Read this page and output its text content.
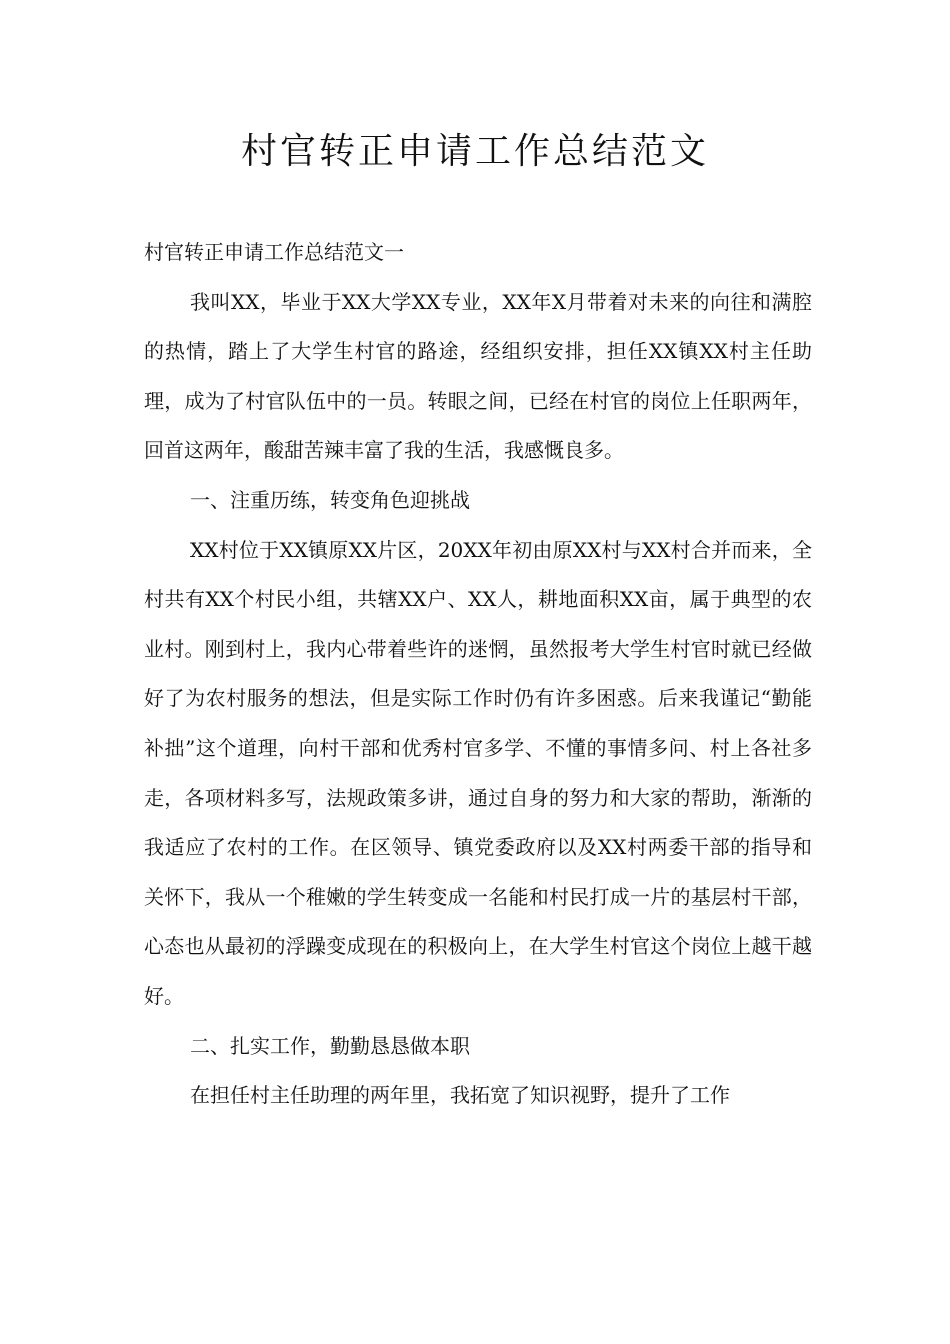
村官转正申请工作总结范文

村官转正申请工作总结范文一

我叫XX，毕业于XX大学XX专业，XX年X月带着对未来的向往和满腔的热情，踏上了大学生村官的路途，经组织安排，担任XX镇XX村主任助理，成为了村官队伍中的一员。转眼之间，已经在村官的岗位上任职两年，回首这两年，酸甜苦辣丰富了我的生活，我感慨良多。

一、注重历练，转变角色迎挑战

XX村位于XX镇原XX片区，20XX年初由原XX村与XX村合并而来，全村共有XX个村民小组，共辖XX户、XX人，耕地面积XX亩，属于典型的农业村。刚到村上，我内心带着些许的迷惘，虽然报考大学生村官时就已经做好了为农村服务的想法，但是实际工作时仍有许多困惑。后来我谨记“勤能补拙”这个道理，向村干部和优秀村官多学、不懂的事情多问、村上各社多走，各项材料多写，法规政策多讲，通过自身的努力和大家的帮助，渐渐的我适应了农村的工作。在区领导、镇党委政府以及XX村两委干部的指导和关怀下，我从一个稚嫩的学生转变成一名能和村民打成一片的基层村干部，心态也从最初的浮躁变成现在的积极向上，在大学生村官这个岗位上越干越好。

二、扎实工作，勤勤恳恳做本职

在担任村主任助理的两年里，我拓宽了知识视野，提升了工作
